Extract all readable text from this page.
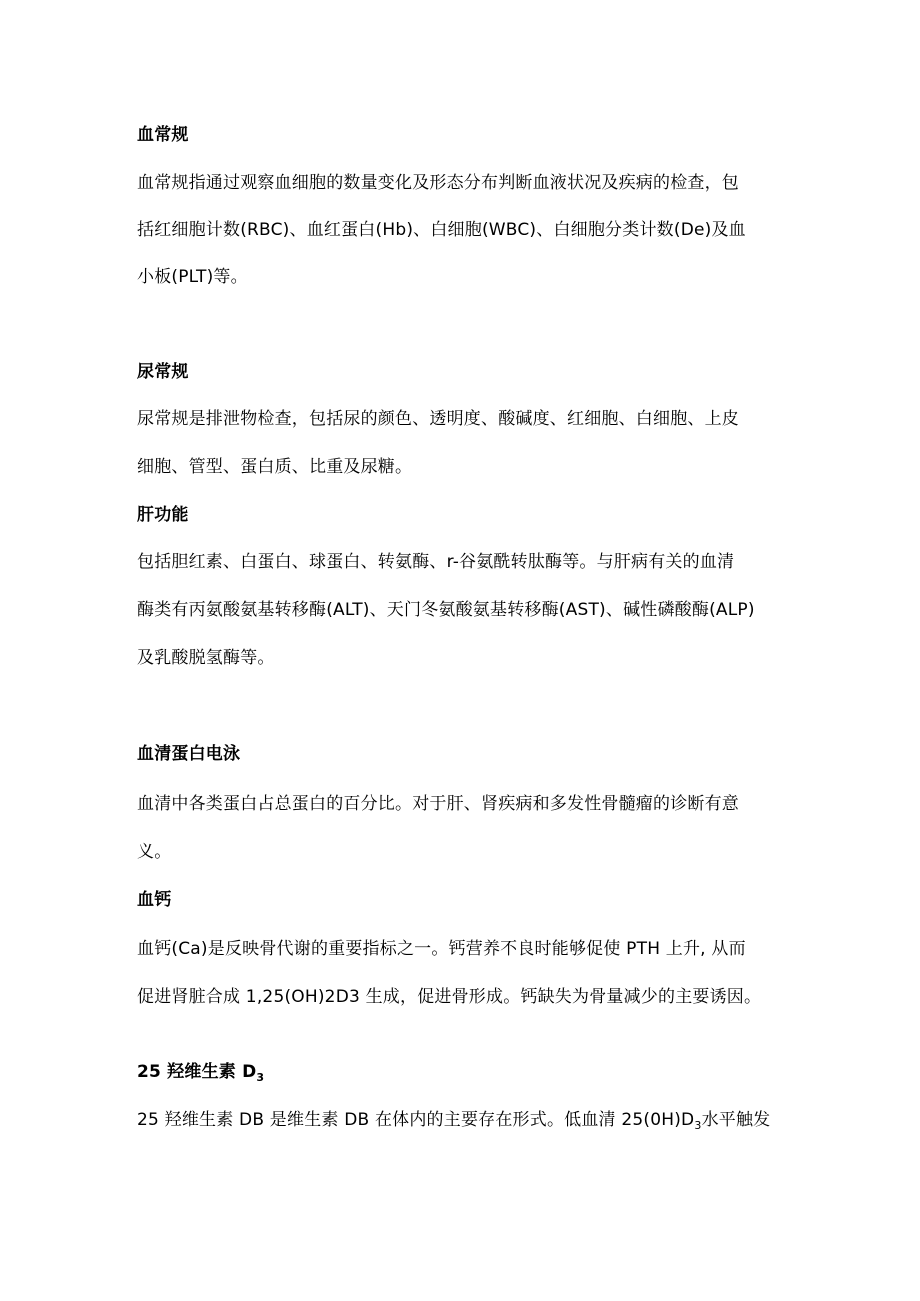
血常规
血常规指通过观察血细胞的数量变化及形态分布判断血液状况及疾病的检查，包
括红细胞计数(RBC)、血红蛋白(Hb)、白细胞(WBC)、白细胞分类计数(De)及血
小板(PLT)等。
尿常规
尿常规是排泄物检查，包括尿的颜色、透明度、酸碱度、红细胞、白细胞、上皮
细胞、管型、蛋白质、比重及尿糖。
肝功能
包括胆红素、白蛋白、球蛋白、转氨酶、r-谷氨酰转肽酶等。与肝病有关的血清
酶类有丙氨酸氨基转移酶(ALT)、天门冬氨酸氨基转移酶(AST)、碱性磷酸酶(ALP)
及乳酸脱氢酶等。
血清蛋白电泳
血清中各类蛋白占总蛋白的百分比。对于肝、肾疾病和多发性骨髓瘤的诊断有意
义。
血钙
血钙(Ca)是反映骨代谢的重要指标之一。钙营养不良时能够促使 PTH 上升, 从而
促进肾脏合成 1,25(OH)2D3 生成，促进骨形成。钙缺失为骨量减少的主要诱因。
25 羟维生素 $D_3$
25 羟维生素 DB 是维生素 DB 在体内的主要存在形式。低血清 $25(0H)D_3$水平触发
